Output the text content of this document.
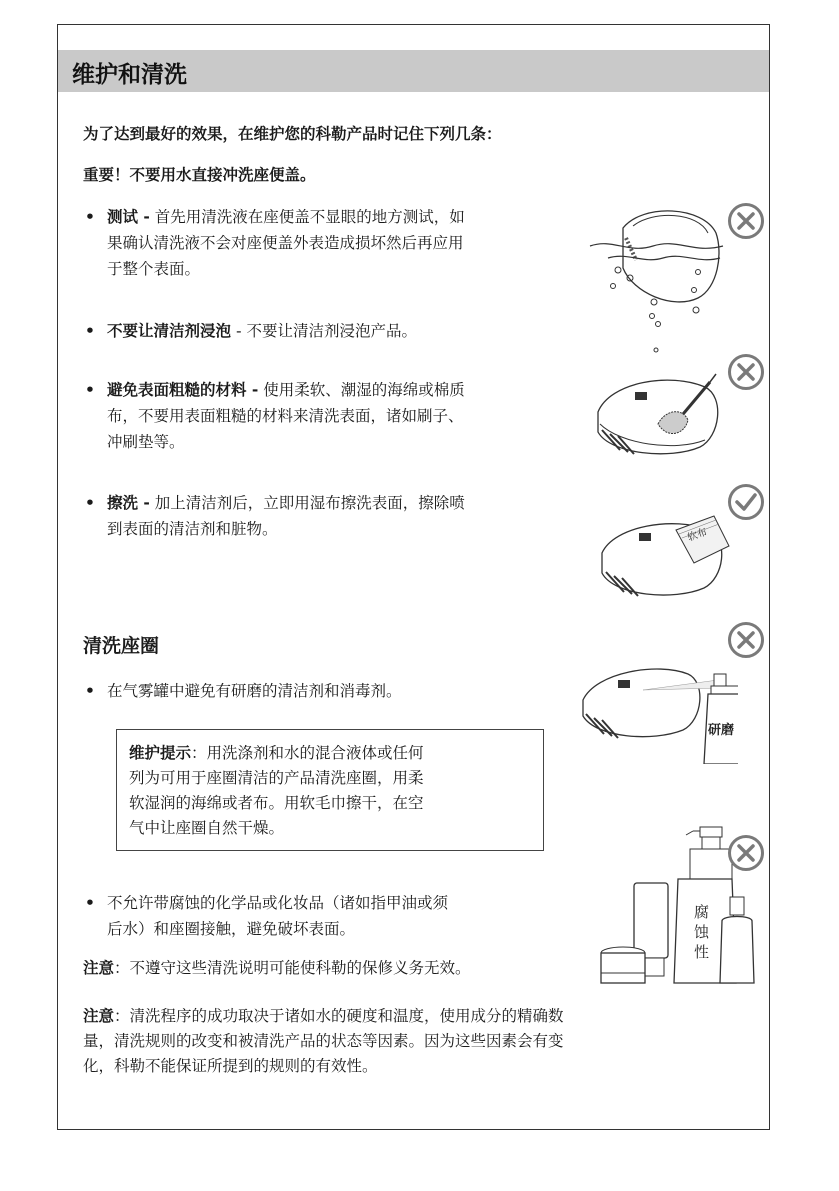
维护和清洗

为了达到最好的效果，在维护您的科勒产品时记住下列几条：

重要！不要用水直接冲洗座便盖。

• 测试 - 首先用清洗液在座便盖不显眼的地方测试，如
果确认清洗液不会对座便盖外表造成损坏然后再应用
于整个表面。
• 不要让清洁剂浸泡 - 不要让清洁剂浸泡产品。
• 避免表面粗糙的材料 - 使用柔软、潮湿的海绵或棉质
布，不要用表面粗糙的材料来清洗表面，诸如刷子、
冲刷垫等。
• 擦洗 - 加上清洁剂后，立即用湿布擦洗表面，擦除喷
到表面的清洁剂和脏物。
清洗座圈
• 在气雾罐中避免有研磨的清洁剂和消毒剂。
维护提示：用洗涤剂和水的混合液体或任何
列为可用于座圈清洁的产品清洗座圈，用柔
软湿润的海绵或者布。用软毛巾擦干，在空
气中让座圈自然干燥。
• 不允许带腐蚀的化学品或化妆品（诸如指甲油或须
后水）和座圈接触，避免破坏表面。

注意：不遵守这些清洗说明可能使科勒的保修义务无效。

注意：清洗程序的成功取决于诸如水的硬度和温度，使用成分的精确数
量，清洗规则的改变和被清洗产品的状态等因素。因为这些因素会有变
化，科勒不能保证所提到的规则的有效性。
软布
研磨
腐
蚀
性
